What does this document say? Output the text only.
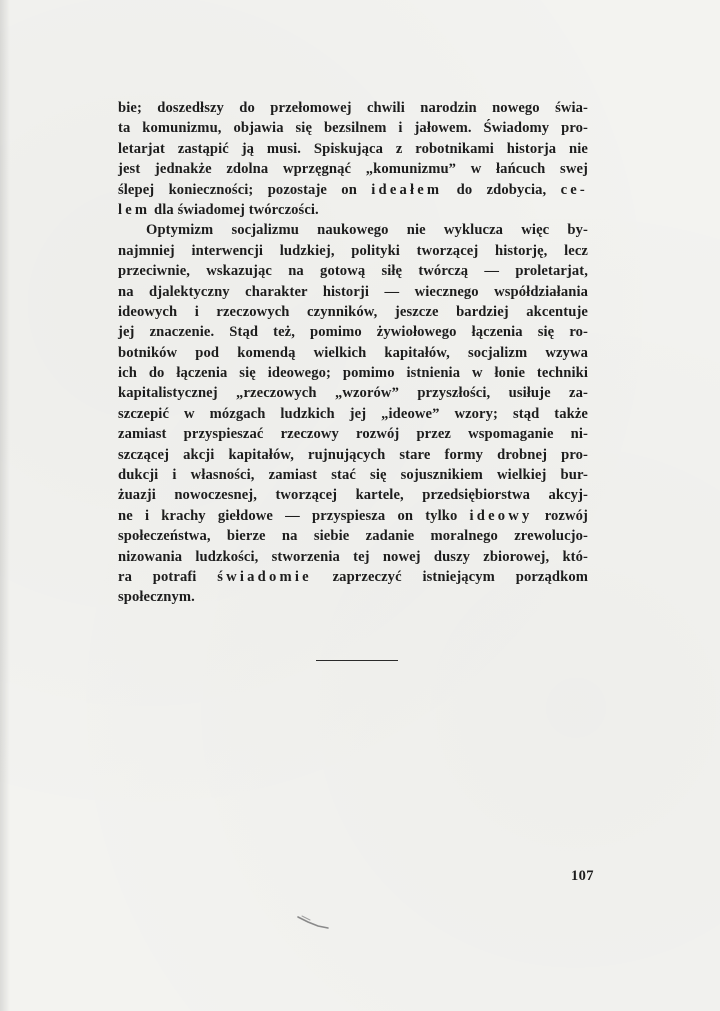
bie; doszedłszy do przełomowej chwili narodzin nowego świa-
ta komunizmu, objawia się bezsilnem i jałowem. Świadomy pro-
letarjat zastąpić ją musi. Spiskująca z robotnikami historja nie
jest jednakże zdolna wprzęgnąć „komunizmu” w łańcuch swej
ślepej konieczności; pozostaje on ideałem do zdobycia, ce-
lem dla świadomej twórczości.
Optymizm socjalizmu naukowego nie wyklucza więc by-
najmniej interwencji ludzkiej, polityki tworzącej historję, lecz
przeciwnie, wskazując na gotową siłę twórczą — proletarjat,
na djalektyczny charakter historji — wiecznego współdziałania
ideowych i rzeczowych czynników, jeszcze bardziej akcentuje
jej znaczenie. Stąd też, pomimo żywiołowego łączenia się ro-
botników pod komendą wielkich kapitałów, socjalizm wzywa
ich do łączenia się ideowego; pomimo istnienia w łonie techniki
kapitalistycznej „rzeczowych „wzorów” przyszłości, usiłuje za-
szczepić w mózgach ludzkich jej „ideowe” wzory; stąd także
zamiast przyspieszać rzeczowy rozwój przez wspomaganie ni-
szczącej akcji kapitałów, rujnujących stare formy drobnej pro-
dukcji i własności, zamiast stać się sojusznikiem wielkiej bur-
żuazji nowoczesnej, tworzącej kartele, przedsiębiorstwa akcyj-
ne i krachy giełdowe — przyspiesza on tylko ideowy rozwój
społeczeństwa, bierze na siebie zadanie moralnego zrewolucjo-
nizowania ludzkości, stworzenia tej nowej duszy zbiorowej, któ-
ra potrafi świadomie zaprzeczyć istniejącym porządkom
społecznym.
107
